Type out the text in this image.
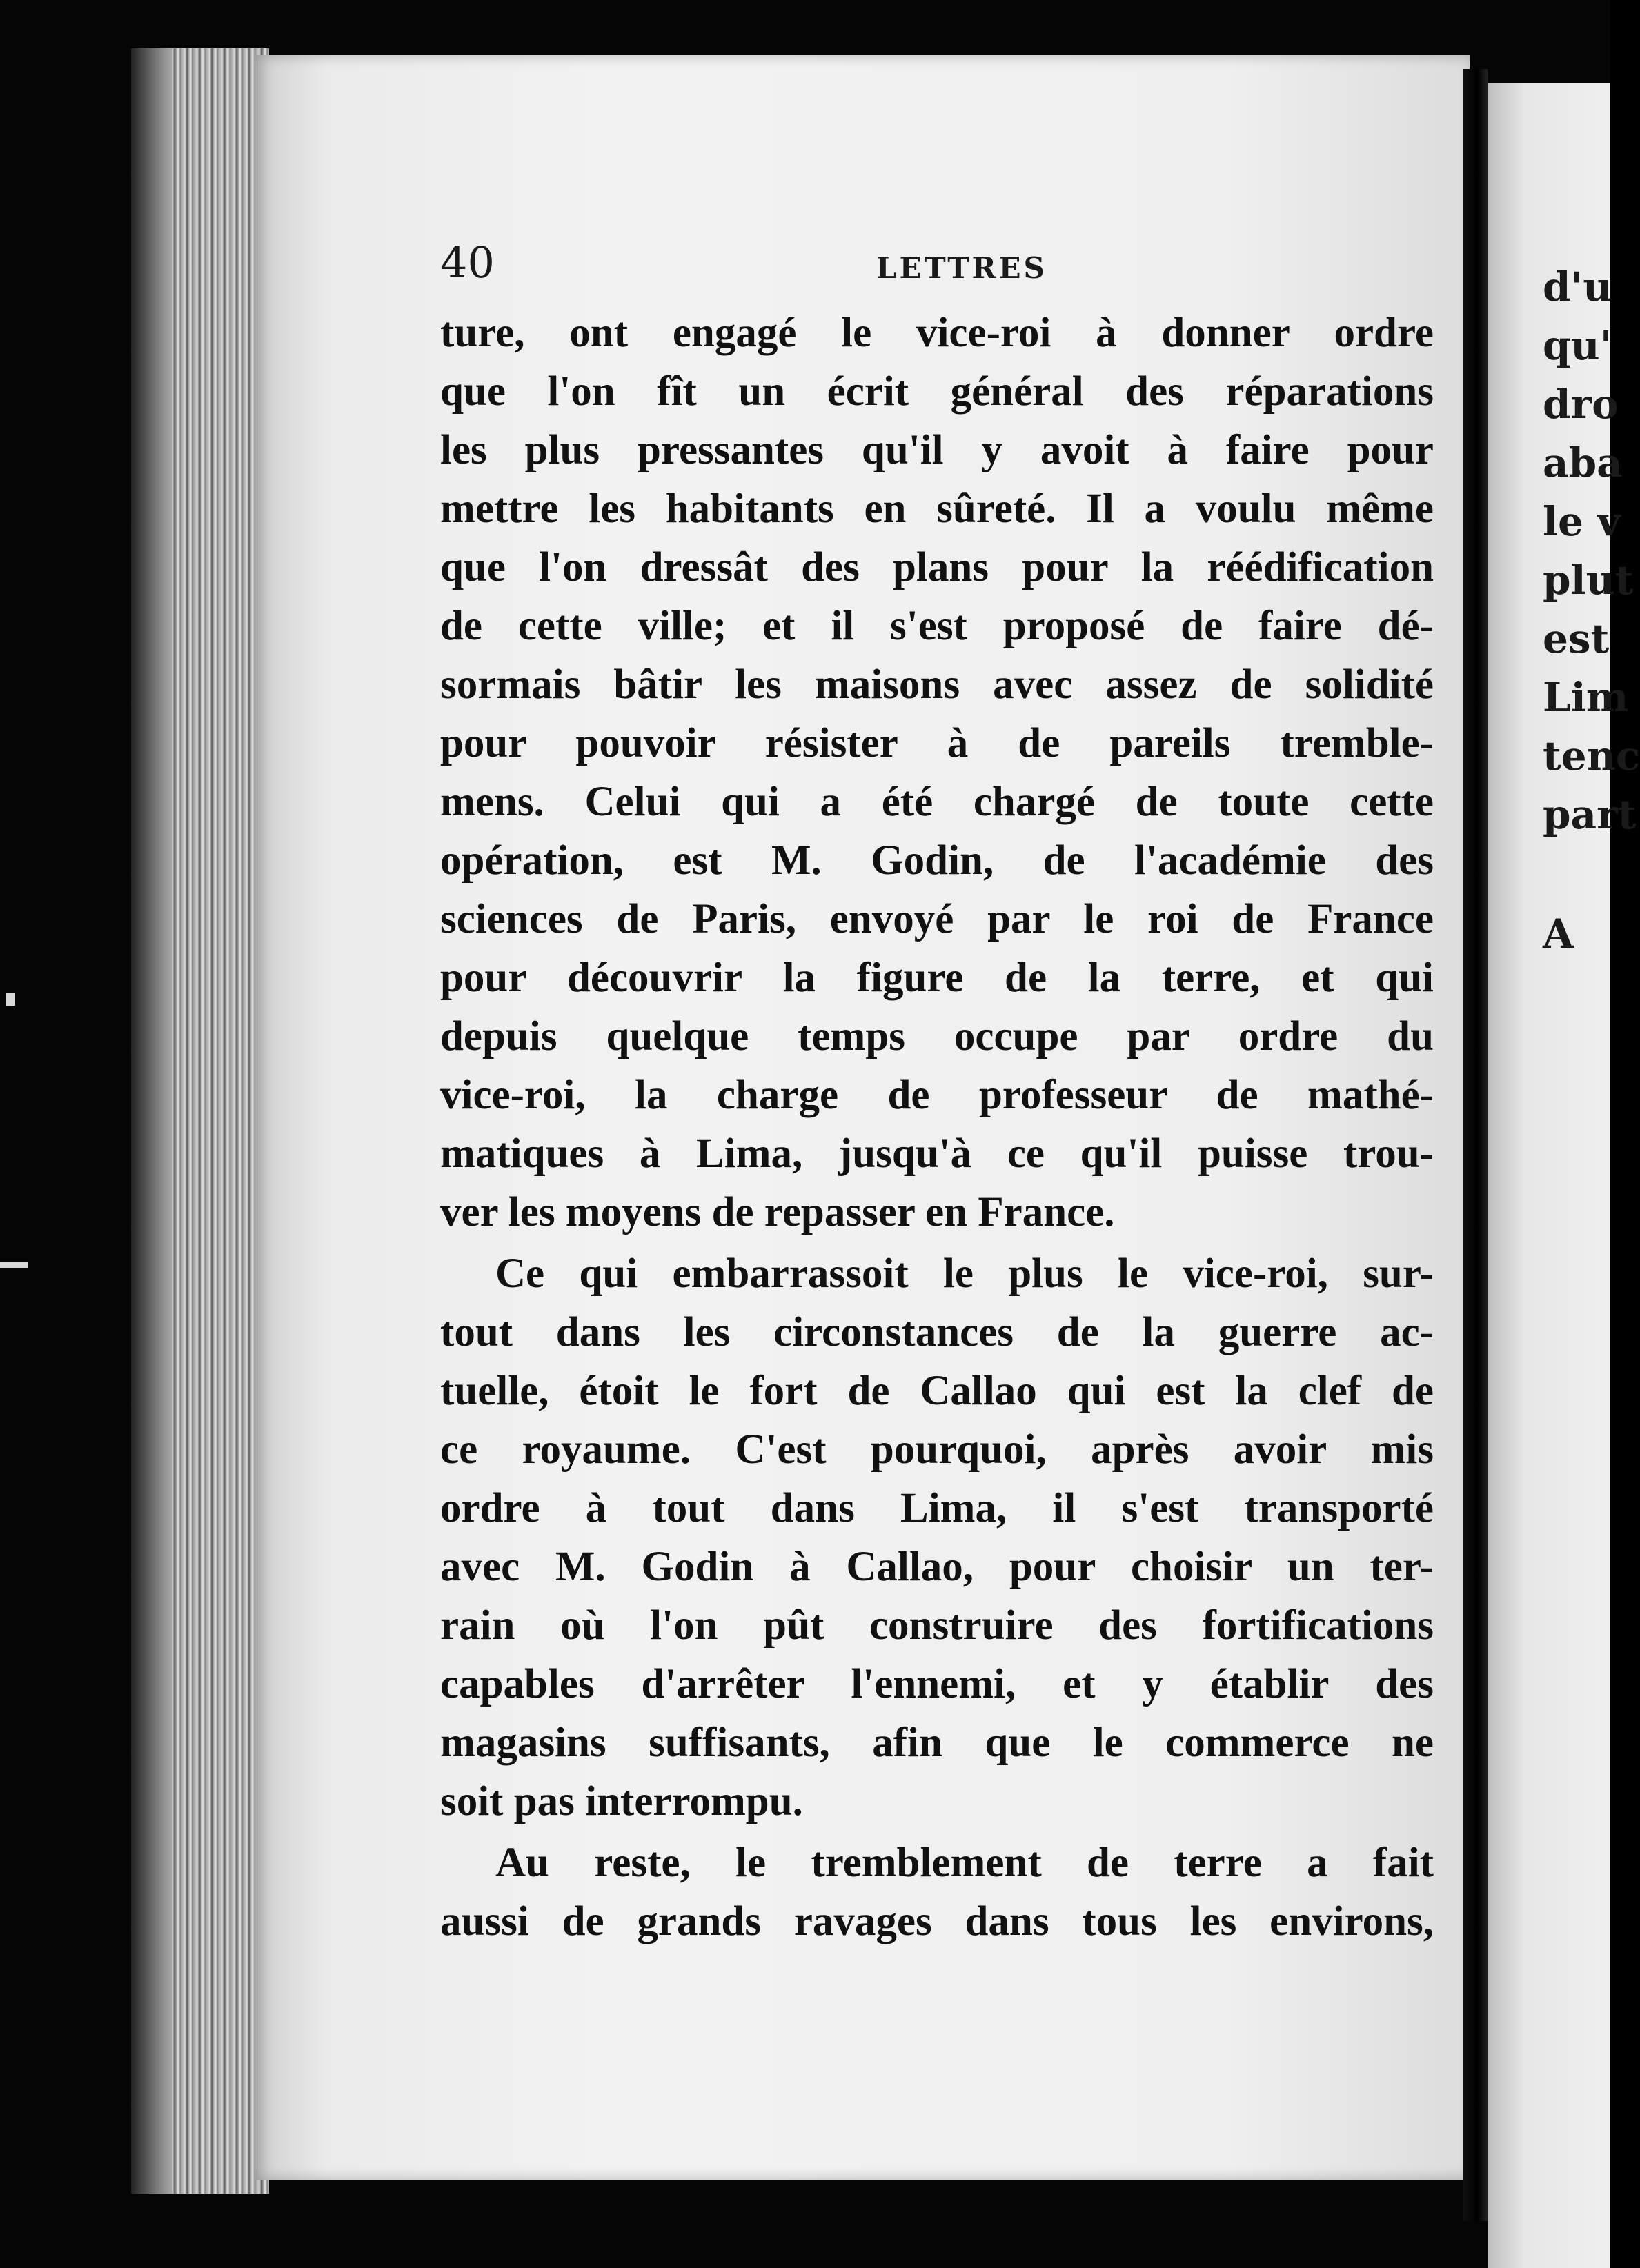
40	LETTRES
ture, ont engagé le vice-roi à donner ordre
que l'on fît un écrit général des réparations
les plus pressantes qu'il y avoit à faire pour
mettre les habitants en sûreté. Il a voulu même
que l'on dressât des plans pour la réédification
de cette ville; et il s'est proposé de faire dé-
sormais bâtir les maisons avec assez de solidité
pour pouvoir résister à de pareils tremble-
mens. Celui qui a été chargé de toute cette
opération, est M. Godin, de l'académie des
sciences de Paris, envoyé par le roi de France
pour découvrir la figure de la terre, et qui
depuis quelque temps occupe par ordre du
vice-roi, la charge de professeur de mathé-
matiques à Lima, jusqu'à ce qu'il puisse trou-
ver les moyens de repasser en France.
Ce qui embarrassoit le plus le vice-roi, sur-
tout dans les circonstances de la guerre ac-
tuelle, étoit le fort de Callao qui est la clef de
ce royaume. C'est pourquoi, après avoir mis
ordre à tout dans Lima, il s'est transporté
avec M. Godin à Callao, pour choisir un ter-
rain où l'on pût construire des fortifications
capables d'arrêter l'ennemi, et y établir des
magasins suffisants, afin que le commerce ne
soit pas interrompu.
Au reste, le tremblement de terre a fait
aussi de grands ravages dans tous les environs,
d'u
qu'
dro
aba
le v
plut
est
Lim
tenc
part
A
